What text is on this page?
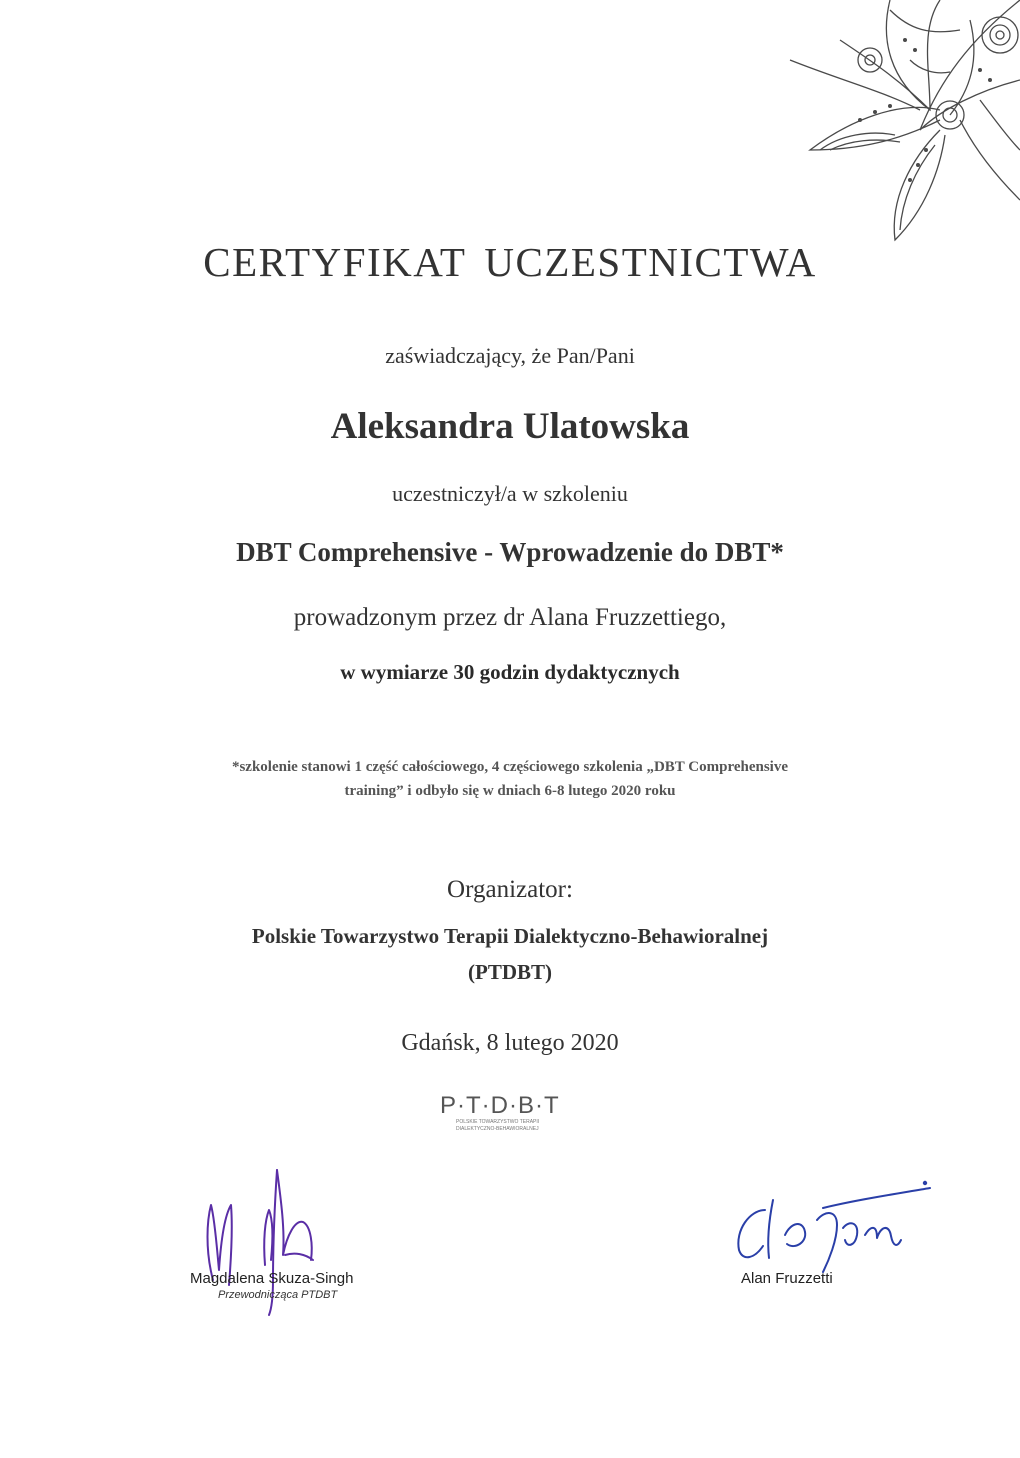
CERTYFIKAT UCZESTNICTWA
zaświadczający, że Pan/Pani
Aleksandra Ulatowska
uczestniczył/a w szkoleniu
DBT Comprehensive - Wprowadzenie do DBT*
prowadzonym przez dr Alana Fruzzettiego,
w wymiarze 30 godzin dydaktycznych
*szkolenie stanowi 1 część całościowego, 4 częściowego szkolenia „DBT Comprehensive
training” i odbyło się w dniach 6-8 lutego 2020 roku
Organizator:
Polskie Towarzystwo Terapii Dialektyczno-Behawioralnej
(PTDBT)
Gdańsk, 8 lutego 2020
P·T·D·B·T
POLSKIE TOWARZYSTWO TERAPII
DIALEKTYCZNO-BEHAWIORALNEJ
Magdalena Skuza-Singh
Przewodnicząca PTDBT
Alan Fruzzetti
